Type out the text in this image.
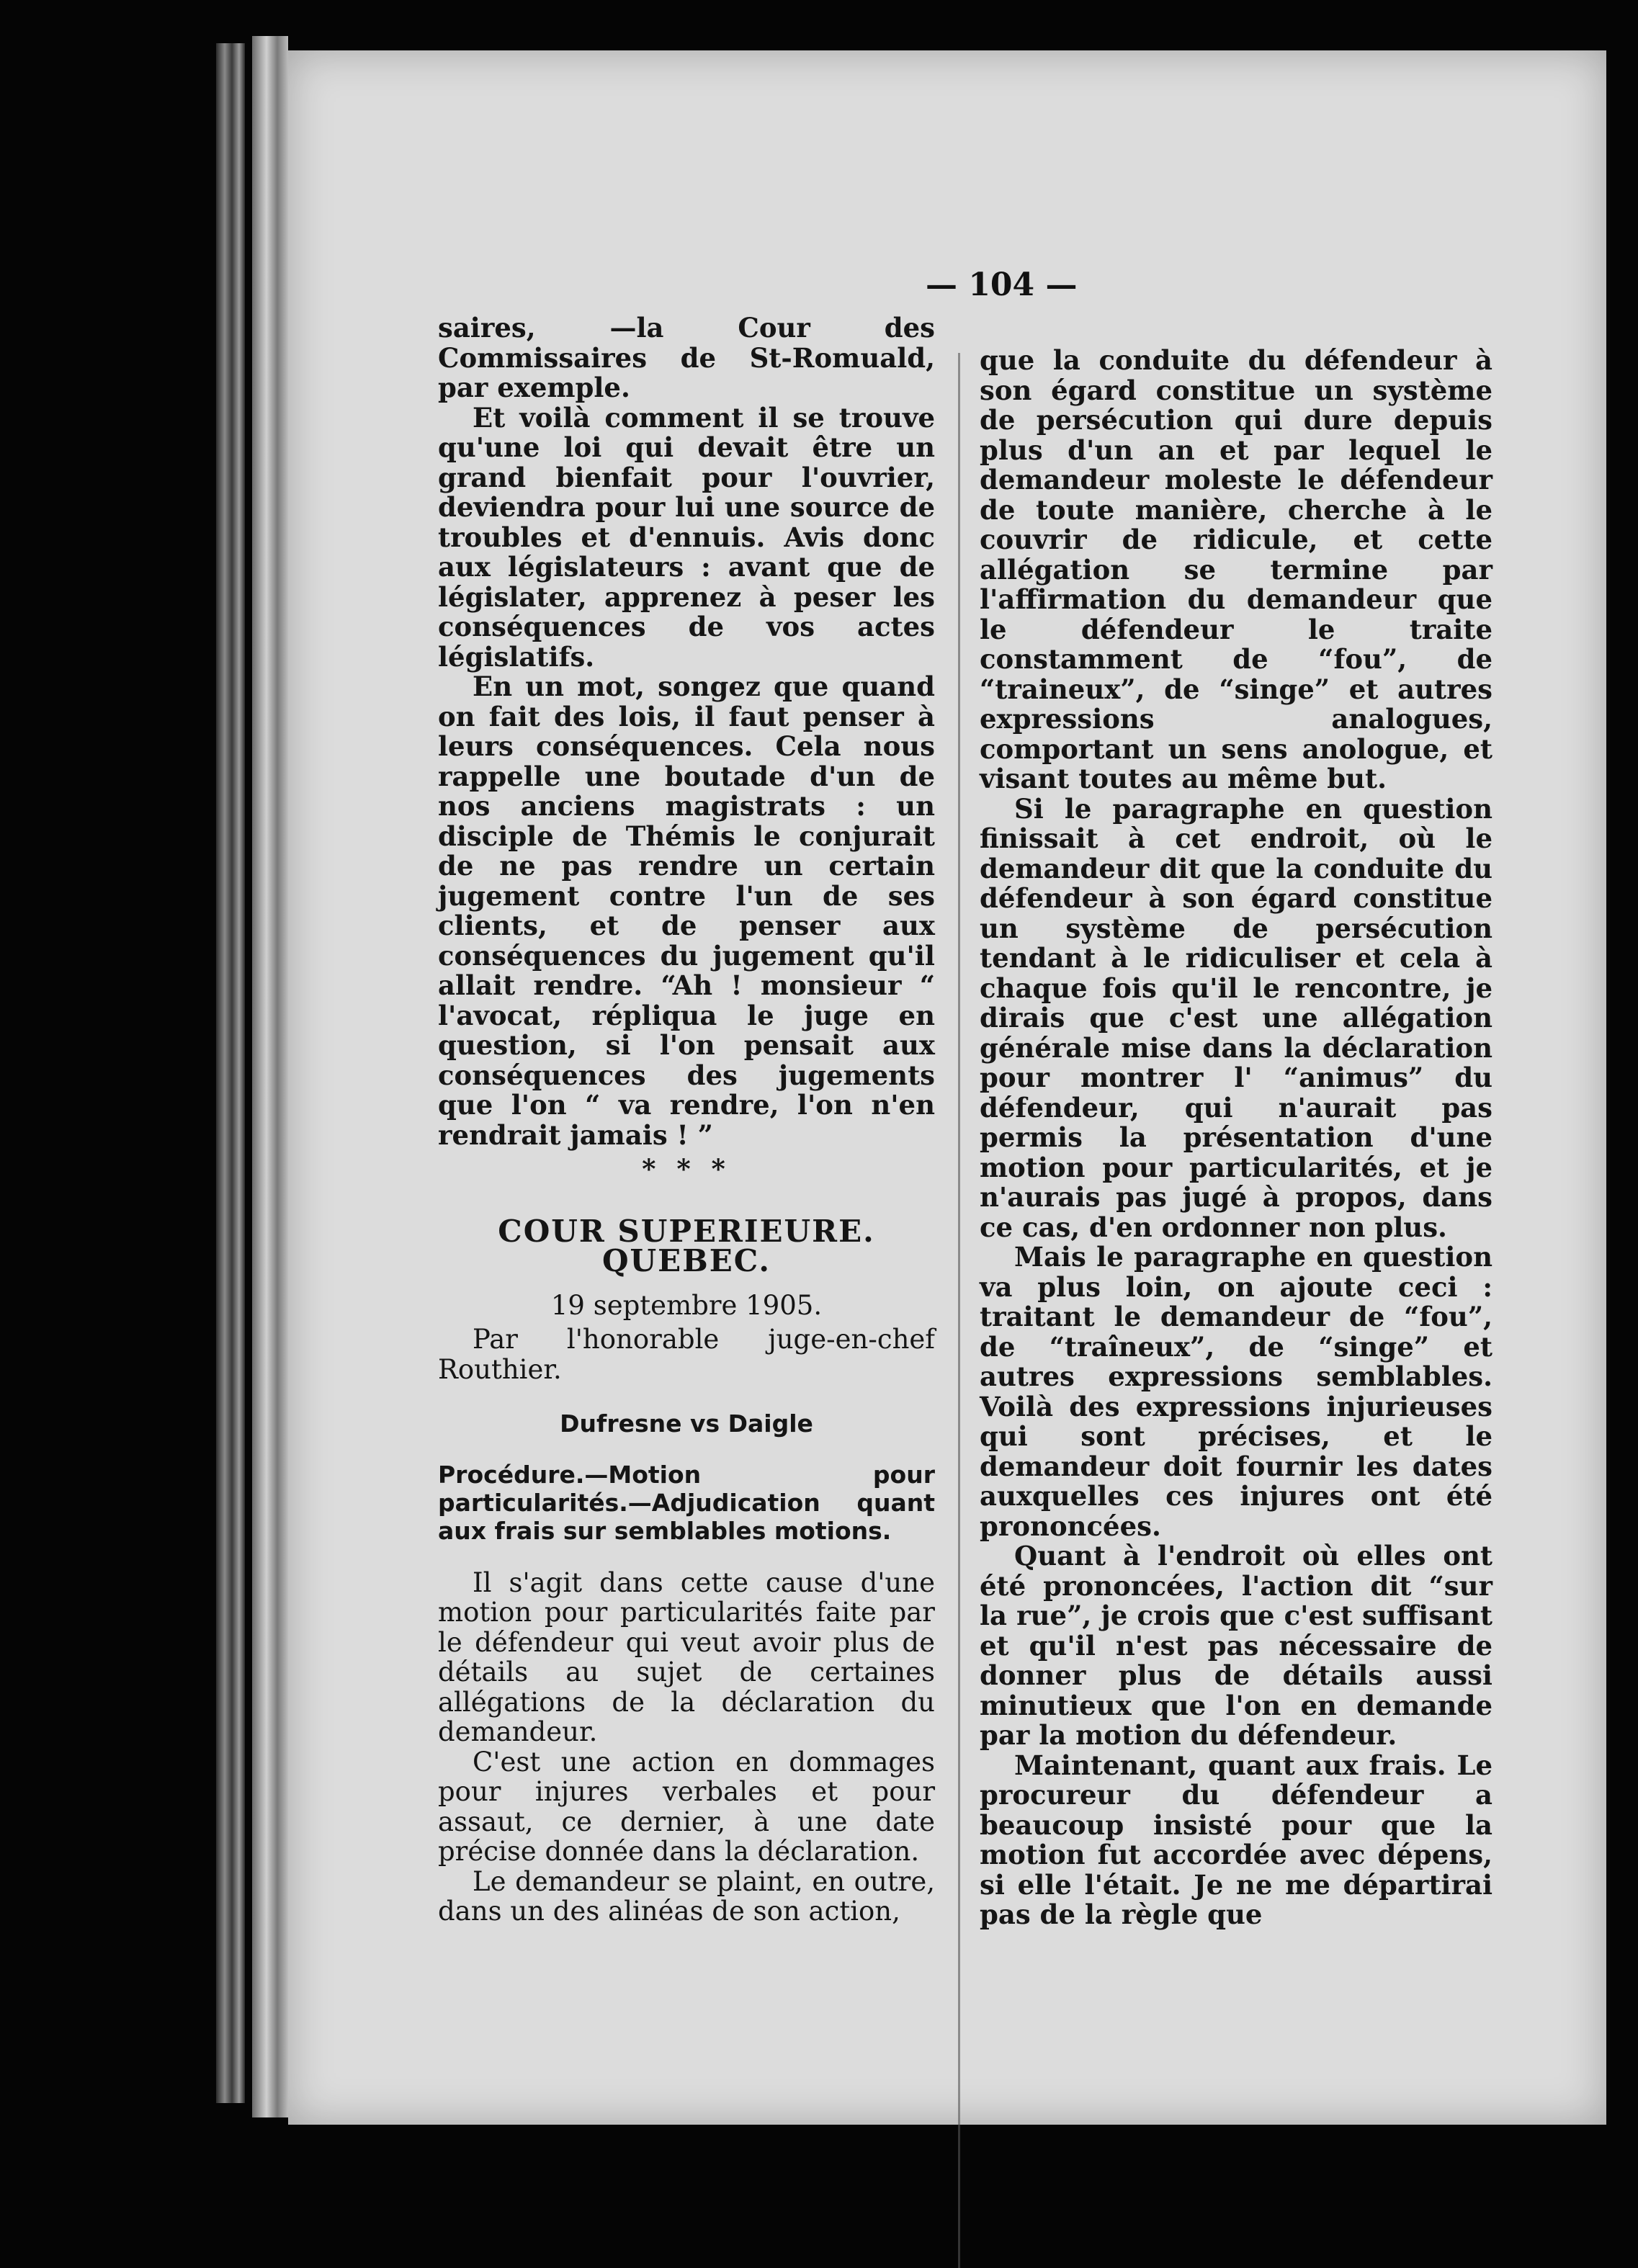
— 104 —

saires, —la Cour des Commissaires de St-Romuald, par exemple.

Et voilà comment il se trouve qu'une loi qui devait être un grand bienfait pour l'ouvrier, deviendra pour lui une source de troubles et d'ennuis. Avis donc aux législateurs : avant que de législater, apprenez à peser les conséquences de vos actes législatifs.

En un mot, songez que quand on fait des lois, il faut penser à leurs conséquences. Cela nous rappelle une boutade d'un de nos anciens magistrats : un disciple de Thémis le conjurait de ne pas rendre un certain jugement contre l'un de ses clients, et de penser aux conséquences du jugement qu'il allait rendre. “Ah ! monsieur “ l'avocat, répliqua le juge en question, si l'on pensait aux conséquences des jugements que l'on “ va rendre, l'on n'en rendrait jamais ! ”

* * *
COUR SUPERIEURE. QUEBEC.
19 septembre 1905.

Par l'honorable juge-en-chef Routhier.

Dufresne vs Daigle
Procédure.—Motion pour particularités.—Adjudication quant aux frais sur semblables motions.

Il s'agit dans cette cause d'une motion pour particularités faite par le défendeur qui veut avoir plus de détails au sujet de certaines allégations de la déclaration du demandeur.

C'est une action en dommages pour injures verbales et pour assaut, ce dernier, à une date précise donnée dans la déclaration.

Le demandeur se plaint, en outre, dans un des alinéas de son action,

que la conduite du défendeur à son égard constitue un système de persécution qui dure depuis plus d'un an et par lequel le demandeur moleste le défendeur de toute manière, cherche à le couvrir de ridicule, et cette allégation se termine par l'affirmation du demandeur que le défendeur le traite constamment de “fou”, de “traineux”, de “singe” et autres expressions analogues, comportant un sens anologue, et visant toutes au même but.

Si le paragraphe en question finissait à cet endroit, où le demandeur dit que la conduite du défendeur à son égard constitue un système de persécution tendant à le ridiculiser et cela à chaque fois qu'il le rencontre, je dirais que c'est une allégation générale mise dans la déclaration pour montrer l' “animus” du défendeur, qui n'aurait pas permis la présentation d'une motion pour particularités, et je n'aurais pas jugé à propos, dans ce cas, d'en ordonner non plus.

Mais le paragraphe en question va plus loin, on ajoute ceci : traitant le demandeur de “fou”, de “traîneux”, de “singe” et autres expressions semblables. Voilà des expressions injurieuses qui sont précises, et le demandeur doit fournir les dates auxquelles ces injures ont été prononcées.

Quant à l'endroit où elles ont été prononcées, l'action dit “sur la rue”, je crois que c'est suffisant et qu'il n'est pas nécessaire de donner plus de détails aussi minutieux que l'on en demande par la motion du défendeur.

Maintenant, quant aux frais. Le procureur du défendeur a beaucoup insisté pour que la motion fut accordée avec dépens, si elle l'était. Je ne me départirai pas de la règle que
